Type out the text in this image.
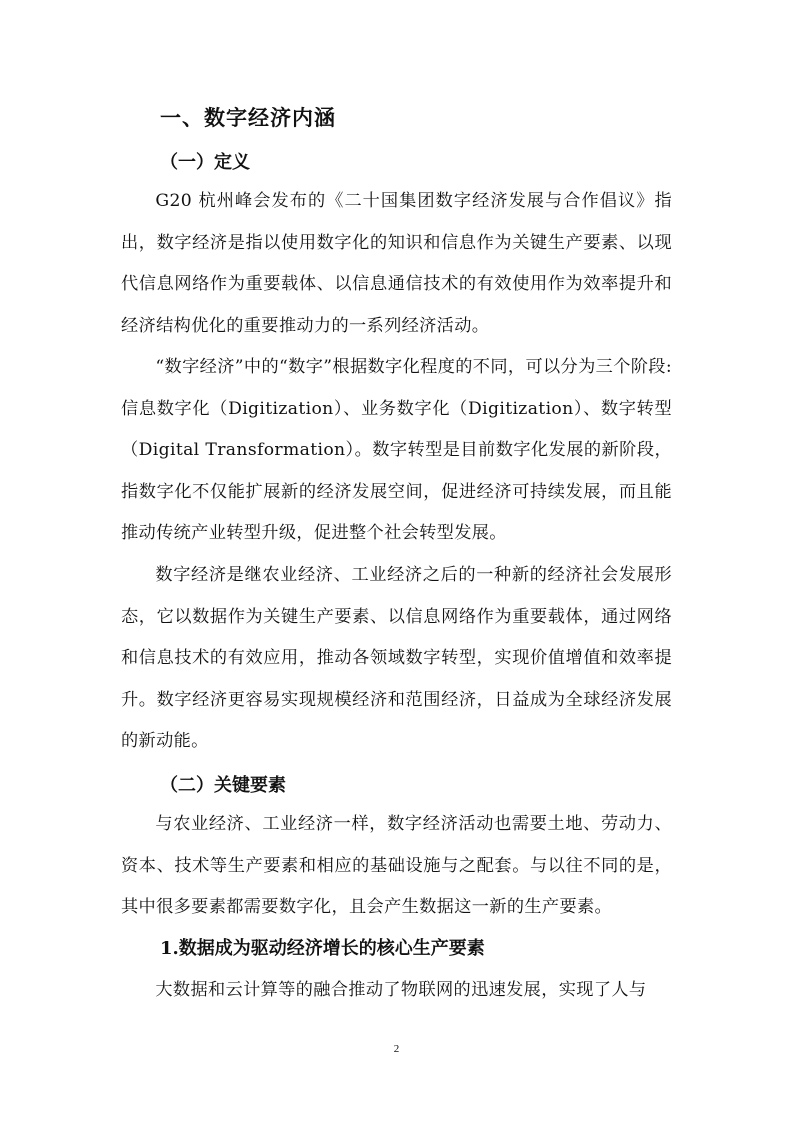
一、数字经济内涵
（一）定义

G20 杭州峰会发布的《二十国集团数字经济发展与合作倡议》指出，数字经济是指以使用数字化的知识和信息作为关键生产要素、以现代信息网络作为重要载体、以信息通信技术的有效使用作为效率提升和经济结构优化的重要推动力的一系列经济活动。

“数字经济”中的“数字”根据数字化程度的不同，可以分为三个阶段:信息数字化（Digitization）、业务数字化（Digitization）、数字转型（Digital Transformation）。数字转型是目前数字化发展的新阶段，指数字化不仅能扩展新的经济发展空间，促进经济可持续发展，而且能推动传统产业转型升级，促进整个社会转型发展。

数字经济是继农业经济、工业经济之后的一种新的经济社会发展形态，它以数据作为关键生产要素、以信息网络作为重要载体，通过网络和信息技术的有效应用，推动各领域数字转型，实现价值增值和效率提升。数字经济更容易实现规模经济和范围经济，日益成为全球经济发展的新动能。

（二）关键要素

与农业经济、工业经济一样，数字经济活动也需要土地、劳动力、资本、技术等生产要素和相应的基础设施与之配套。与以往不同的是，其中很多要素都需要数字化，且会产生数据这一新的生产要素。

1.数据成为驱动经济增长的核心生产要素

大数据和云计算等的融合推动了物联网的迅速发展，实现了人与

2
